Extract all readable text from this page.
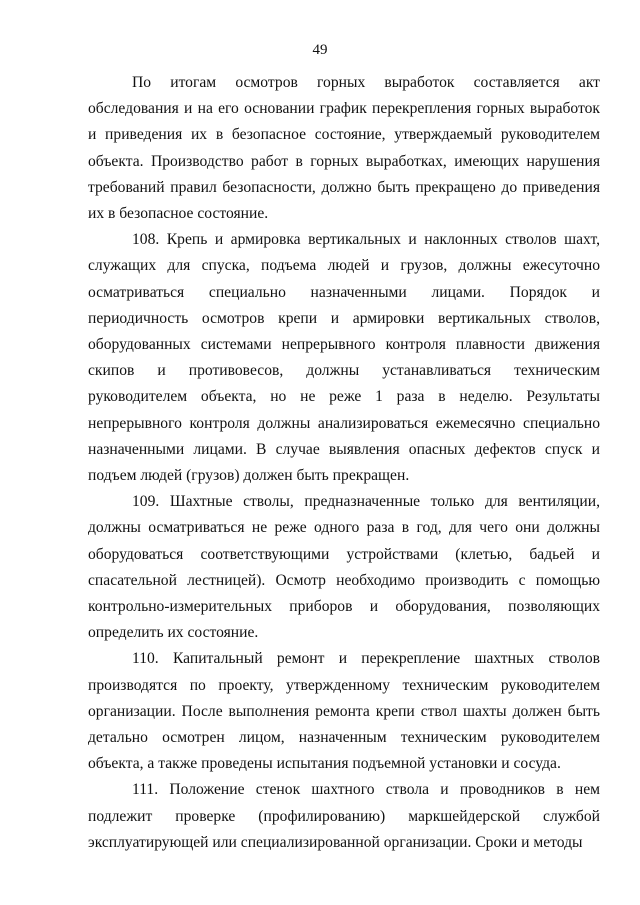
49

По итогам осмотров горных выработок составляется акт обследования и на его основании график перекрепления горных выработок и приведения их в безопасное состояние, утверждаемый руководителем объекта. Производство работ в горных выработках, имеющих нарушения требований правил безопасности, должно быть прекращено до приведения их в безопасное состояние.

108. Крепь и армировка вертикальных и наклонных стволов шахт, служащих для спуска, подъема людей и грузов, должны ежесуточно осматриваться специально назначенными лицами. Порядок и периодичность осмотров крепи и армировки вертикальных стволов, оборудованных системами непрерывного контроля плавности движения скипов и противовесов, должны устанавливаться техническим руководителем объекта, но не реже 1 раза в неделю. Результаты непрерывного контроля должны анализироваться ежемесячно специально назначенными лицами. В случае выявления опасных дефектов спуск и подъем людей (грузов) должен быть прекращен.

109. Шахтные стволы, предназначенные только для вентиляции, должны осматриваться не реже одного раза в год, для чего они должны оборудоваться соответствующими устройствами (клетью, бадьей и спасательной лестницей). Осмотр необходимо производить с помощью контрольно-измерительных приборов и оборудования, позволяющих определить их состояние.

110. Капитальный ремонт и перекрепление шахтных стволов производятся по проекту, утвержденному техническим руководителем организации. После выполнения ремонта крепи ствол шахты должен быть детально осмотрен лицом, назначенным техническим руководителем объекта, а также проведены испытания подъемной установки и сосуда.

111. Положение стенок шахтного ствола и проводников в нем подлежит проверке (профилированию) маркшейдерской службой эксплуатирующей или специализированной организации. Сроки и методы
